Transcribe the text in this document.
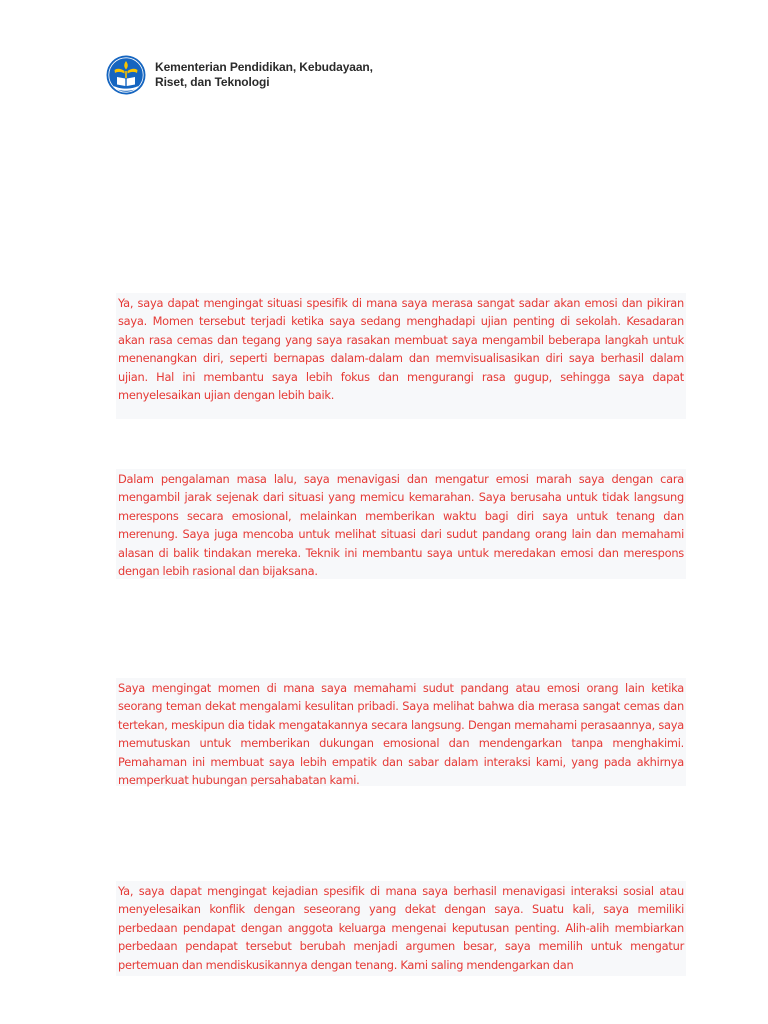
Kementerian Pendidikan, Kebudayaan,
Riset, dan Teknologi
Ya, saya dapat mengingat situasi spesifik di mana saya merasa sangat sadar akan emosi dan pikiran saya. Momen tersebut terjadi ketika saya sedang menghadapi ujian penting di sekolah. Kesadaran akan rasa cemas dan tegang yang saya rasakan membuat saya mengambil beberapa langkah untuk menenangkan diri, seperti bernapas dalam-dalam dan memvisualisasikan diri saya berhasil dalam ujian. Hal ini membantu saya lebih fokus dan mengurangi rasa gugup, sehingga saya dapat menyelesaikan ujian dengan lebih baik.
Dalam pengalaman masa lalu, saya menavigasi dan mengatur emosi marah saya dengan cara mengambil jarak sejenak dari situasi yang memicu kemarahan. Saya berusaha untuk tidak langsung merespons secara emosional, melainkan memberikan waktu bagi diri saya untuk tenang dan merenung. Saya juga mencoba untuk melihat situasi dari sudut pandang orang lain dan memahami alasan di balik tindakan mereka. Teknik ini membantu saya untuk meredakan emosi dan merespons dengan lebih rasional dan bijaksana.
Saya mengingat momen di mana saya memahami sudut pandang atau emosi orang lain ketika seorang teman dekat mengalami kesulitan pribadi. Saya melihat bahwa dia merasa sangat cemas dan tertekan, meskipun dia tidak mengatakannya secara langsung. Dengan memahami perasaannya, saya memutuskan untuk memberikan dukungan emosional dan mendengarkan tanpa menghakimi. Pemahaman ini membuat saya lebih empatik dan sabar dalam interaksi kami, yang pada akhirnya memperkuat hubungan persahabatan kami.
Ya, saya dapat mengingat kejadian spesifik di mana saya berhasil menavigasi interaksi sosial atau menyelesaikan konflik dengan seseorang yang dekat dengan saya. Suatu kali, saya memiliki perbedaan pendapat dengan anggota keluarga mengenai keputusan penting. Alih-alih membiarkan perbedaan pendapat tersebut berubah menjadi argumen besar, saya memilih untuk mengatur pertemuan dan mendiskusikannya dengan tenang. Kami saling mendengarkan dan
